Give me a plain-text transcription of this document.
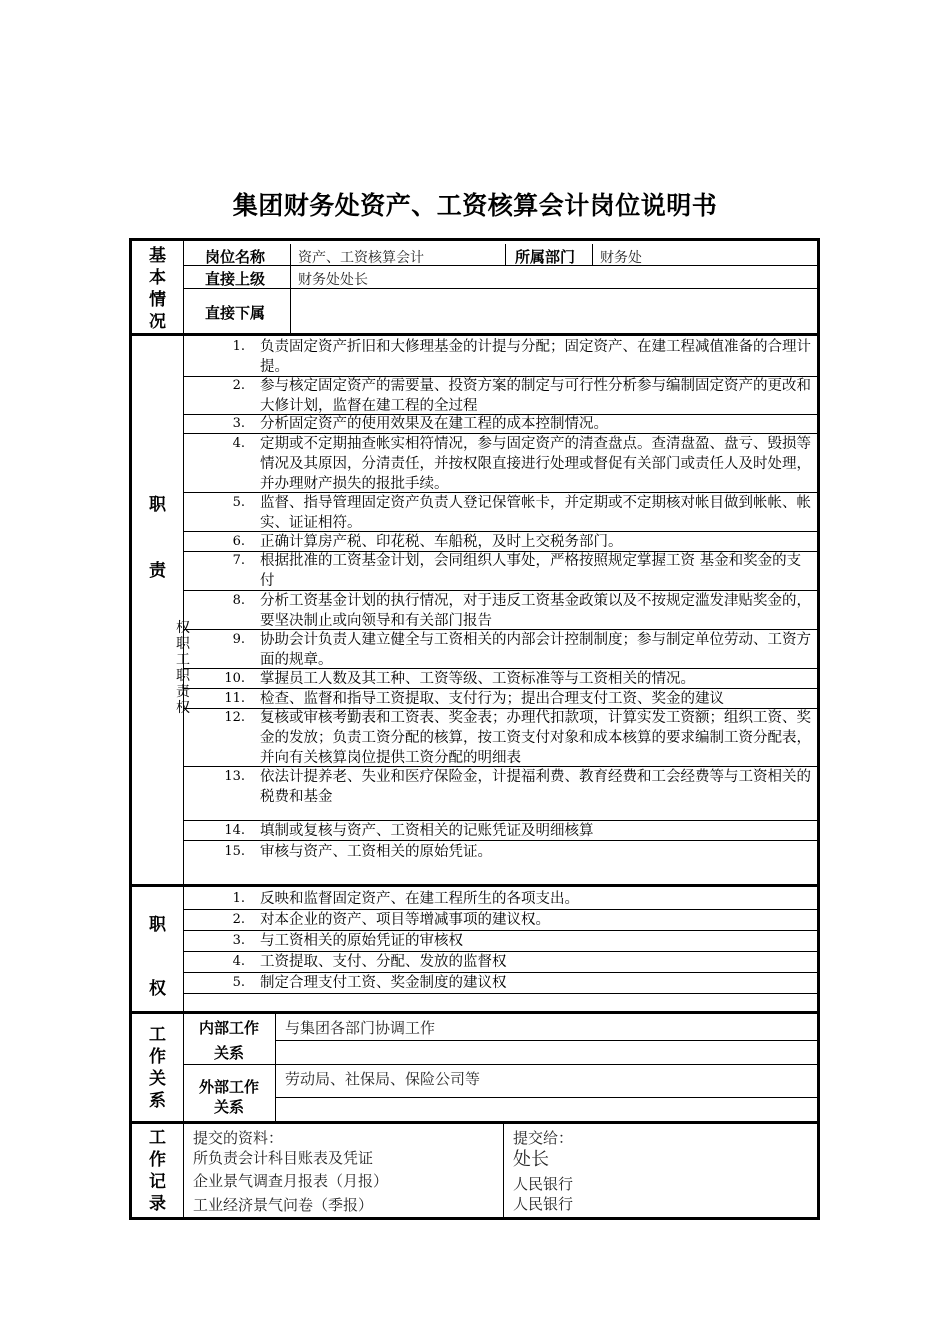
集团财务处资产、工资核算会计岗位说明书
基本情况
岗位名称 资产、工资核算会计	所属部门 财务处
直接上级 财务处处长
直接下属
职
责
权职工职责权
1. 负责固定资产折旧和大修理基金的计提与分配；固定资产、在建工程减值准备的合理计提。
2. 参与核定固定资产的需要量、投资方案的制定与可行性分析参与编制固定资产的更改和大修计划，监督在建工程的全过程
3. 分析固定资产的使用效果及在建工程的成本控制情况。
4. 定期或不定期抽查帐实相符情况，参与固定资产的清查盘点。查清盘盈、盘亏、毁损等情况及其原因，分清责任，并按权限直接进行处理或督促有关部门或责任人及时处理，并办理财产损失的报批手续。
5. 监督、指导管理固定资产负责人登记保管帐卡，并定期或不定期核对帐目做到帐帐、帐实、证证相符。
6. 正确计算房产税、印花税、车船税，及时上交税务部门。
7. 根据批准的工资基金计划，会同组织人事处，严格按照规定掌握工资 基金和奖金的支付
8. 分析工资基金计划的执行情况，对于违反工资基金政策以及不按规定滥发津贴奖金的，要坚决制止或向领导和有关部门报告
9. 协助会计负责人建立健全与工资相关的内部会计控制制度；参与制定单位劳动、工资方面的规章。
10. 掌握员工人数及其工种、工资等级、工资标准等与工资相关的情况。
11. 检查、监督和指导工资提取、支付行为；提出合理支付工资、奖金的建议
12. 复核或审核考勤表和工资表、奖金表；办理代扣款项，计算实发工资额；组织工资、奖金的发放；负责工资分配的核算，按工资支付对象和成本核算的要求编制工资分配表，并向有关核算岗位提供工资分配的明细表
13. 依法计提养老、失业和医疗保险金，计提福利费、教育经费和工会经费等与工资相关的税费和基金
14. 填制或复核与资产、工资相关的记账凭证及明细核算
15. 审核与资产、工资相关的原始凭证。
职
权
1. 反映和监督固定资产、在建工程所生的各项支出。
2. 对本企业的资产、项目等增减事项的建议权。
3. 与工资相关的原始凭证的审核权
4. 工资提取、支付、分配、发放的监督权
5. 制定合理支付工资、奖金制度的建议权
工作关系
内部工作
关系
与集团各部门协调工作
外部工作
关系
劳动局、社保局、保险公司等
工作记录
提交的资料：	提交给：
所负责会计科目账表及凭证	处长
企业景气调查月报表（月报）	人民银行
工业经济景气问卷（季报）	人民银行
